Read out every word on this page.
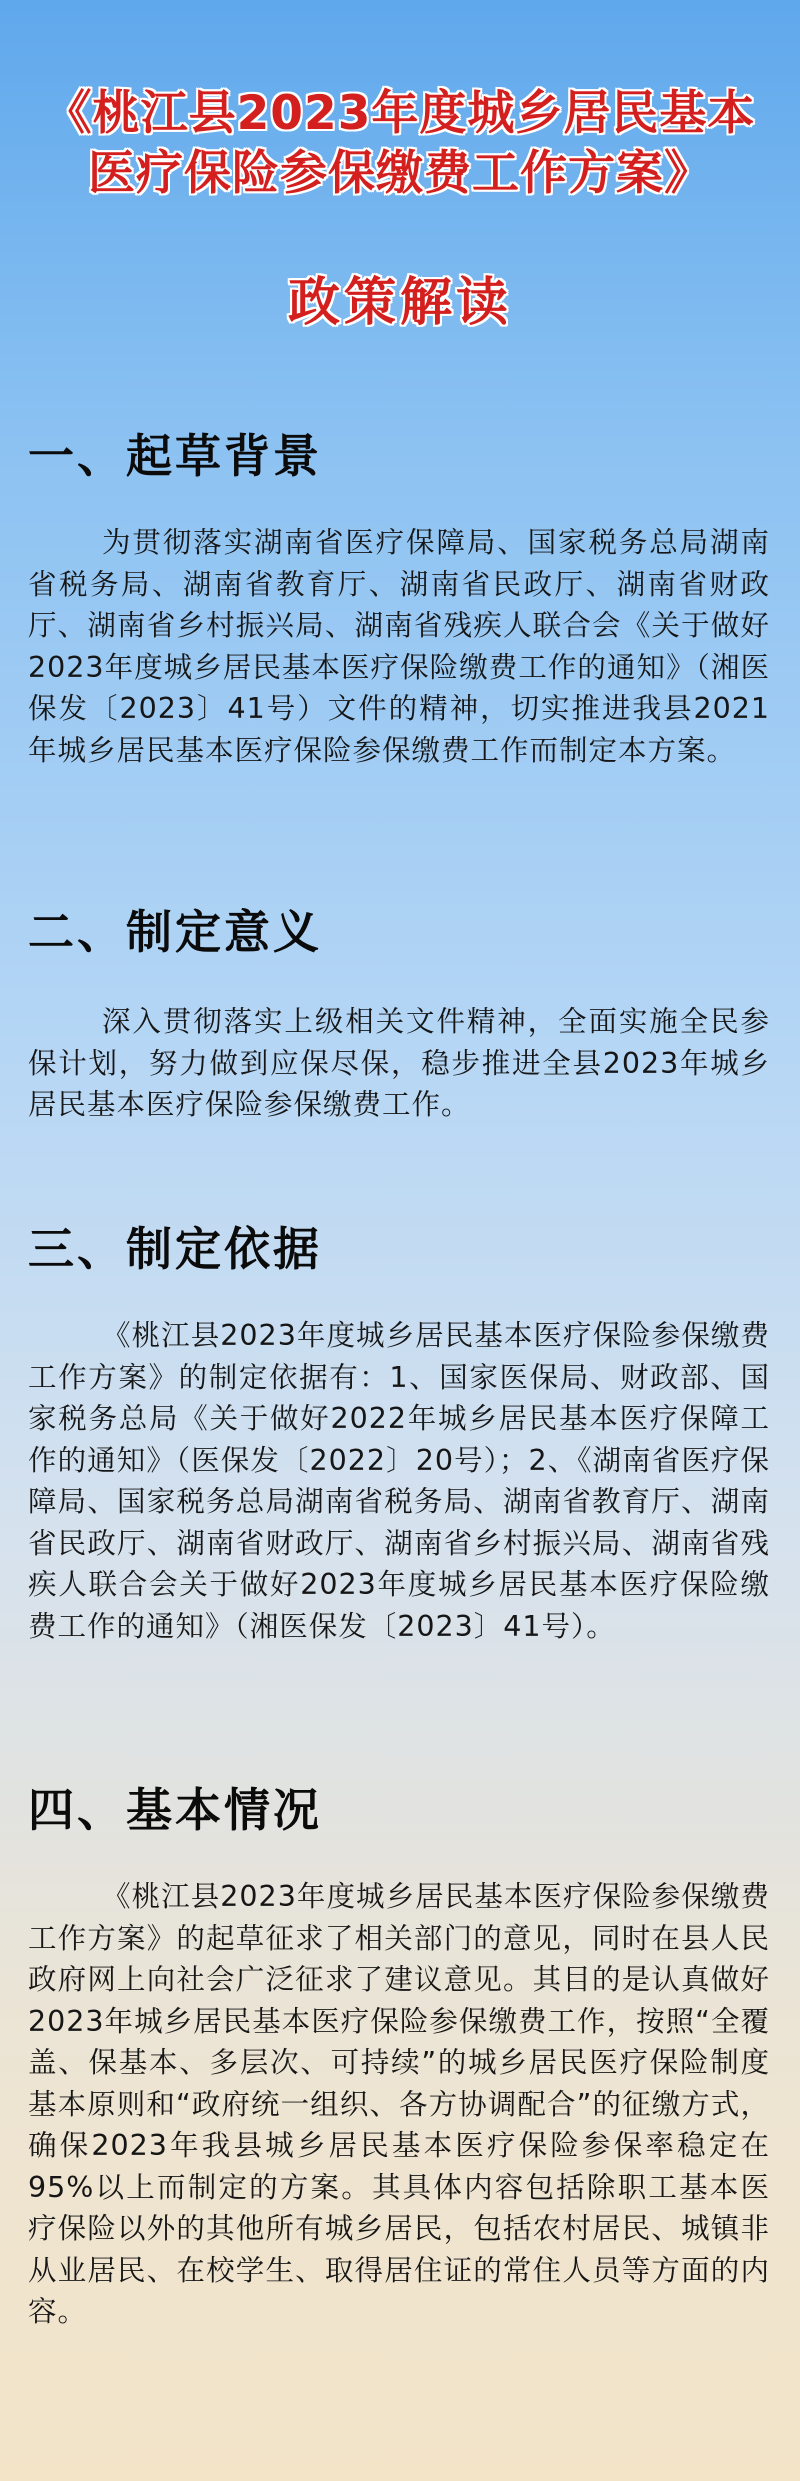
《桃江县2023年度城乡居民基本
医疗保险参保缴费工作方案》
政策解读
一、起草背景

为贯彻落实湖南省医疗保障局、国家税务总局湖南省税务局、湖南省教育厅、湖南省民政厅、湖南省财政厅、湖南省乡村振兴局、湖南省残疾人联合会《关于做好2023年度城乡居民基本医疗保险缴费工作的通知》（湘医保发〔2023〕41号）文件的精神，切实推进我县2021年城乡居民基本医疗保险参保缴费工作而制定本方案。

二、制定意义

深入贯彻落实上级相关文件精神，全面实施全民参保计划，努力做到应保尽保，稳步推进全县2023年城乡居民基本医疗保险参保缴费工作。

三、制定依据

《桃江县2023年度城乡居民基本医疗保险参保缴费工作方案》的制定依据有：1、国家医保局、财政部、国家税务总局《关于做好2022年城乡居民基本医疗保障工作的通知》（医保发〔2022〕20号）；2、《湖南省医疗保障局、国家税务总局湖南省税务局、湖南省教育厅、湖南省民政厅、湖南省财政厅、湖南省乡村振兴局、湖南省残疾人联合会关于做好2023年度城乡居民基本医疗保险缴费工作的通知》（湘医保发〔2023〕41号）。

四、基本情况

《桃江县2023年度城乡居民基本医疗保险参保缴费工作方案》的起草征求了相关部门的意见，同时在县人民政府网上向社会广泛征求了建议意见。其目的是认真做好2023年城乡居民基本医疗保险参保缴费工作，按照“全覆盖、保基本、多层次、可持续”的城乡居民医疗保险制度基本原则和“政府统一组织、各方协调配合”的征缴方式，确保2023年我县城乡居民基本医疗保险参保率稳定在95%以上而制定的方案。其具体内容包括除职工基本医疗保险以外的其他所有城乡居民，包括农村居民、城镇非从业居民、在校学生、取得居住证的常住人员等方面的内容。
